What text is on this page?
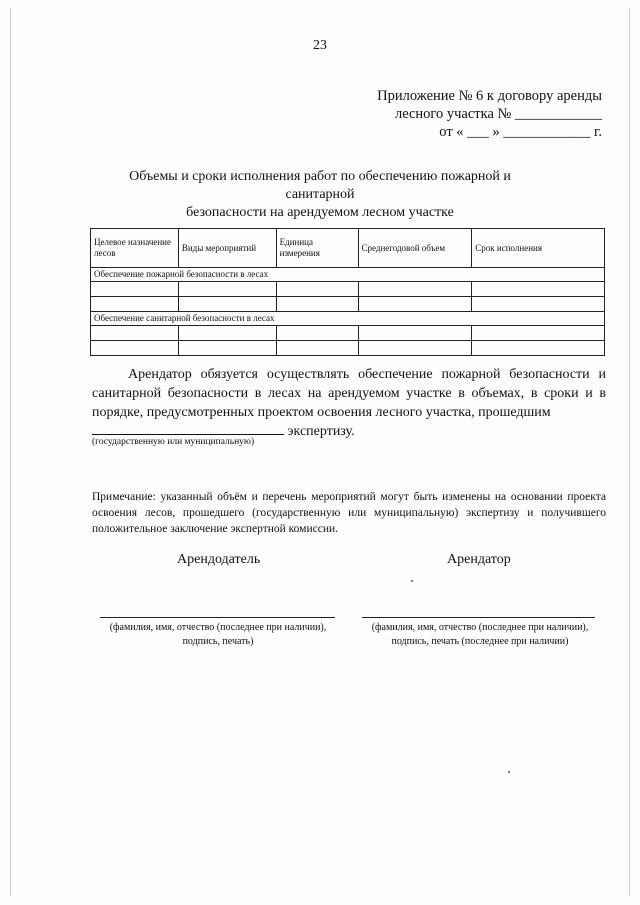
23
Приложение № 6 к договору аренды
лесного участка № ____________
от « ___ » ____________ г.
Объемы и сроки исполнения работ по обеспечению пожарной и санитарной
безопасности на арендуемом лесном участке
Целевое назначение лесов	Виды мероприятий	Единица измерения	Среднегодовой объем	Срок исполнения
Обеспечение пожарной безопасности в лесах				

Обеспечение санитарной безопасности в лесах				

Арендатор обязуется осуществлять обеспечение пожарной безопасности и санитарной безопасности в лесах на арендуемом участке в объемах, в сроки и в порядке, предусмотренных проектом освоения лесного участка, прошедшим
экспертизу.
(государственную или муниципальную)
Примечание: указанный объём и перечень мероприятий могут быть изменены на основании проекта освоения лесов, прошедшего (государственную или муниципальную) экспертизу и получившего положительное заключение экспертной комиссии.
Арендодатель	Арендатор
(фамилия, имя, отчество (последнее при наличии),
подпись, печать)
(фамилия, имя, отчество (последнее при наличии),
подпись, печать (последнее при наличии)
